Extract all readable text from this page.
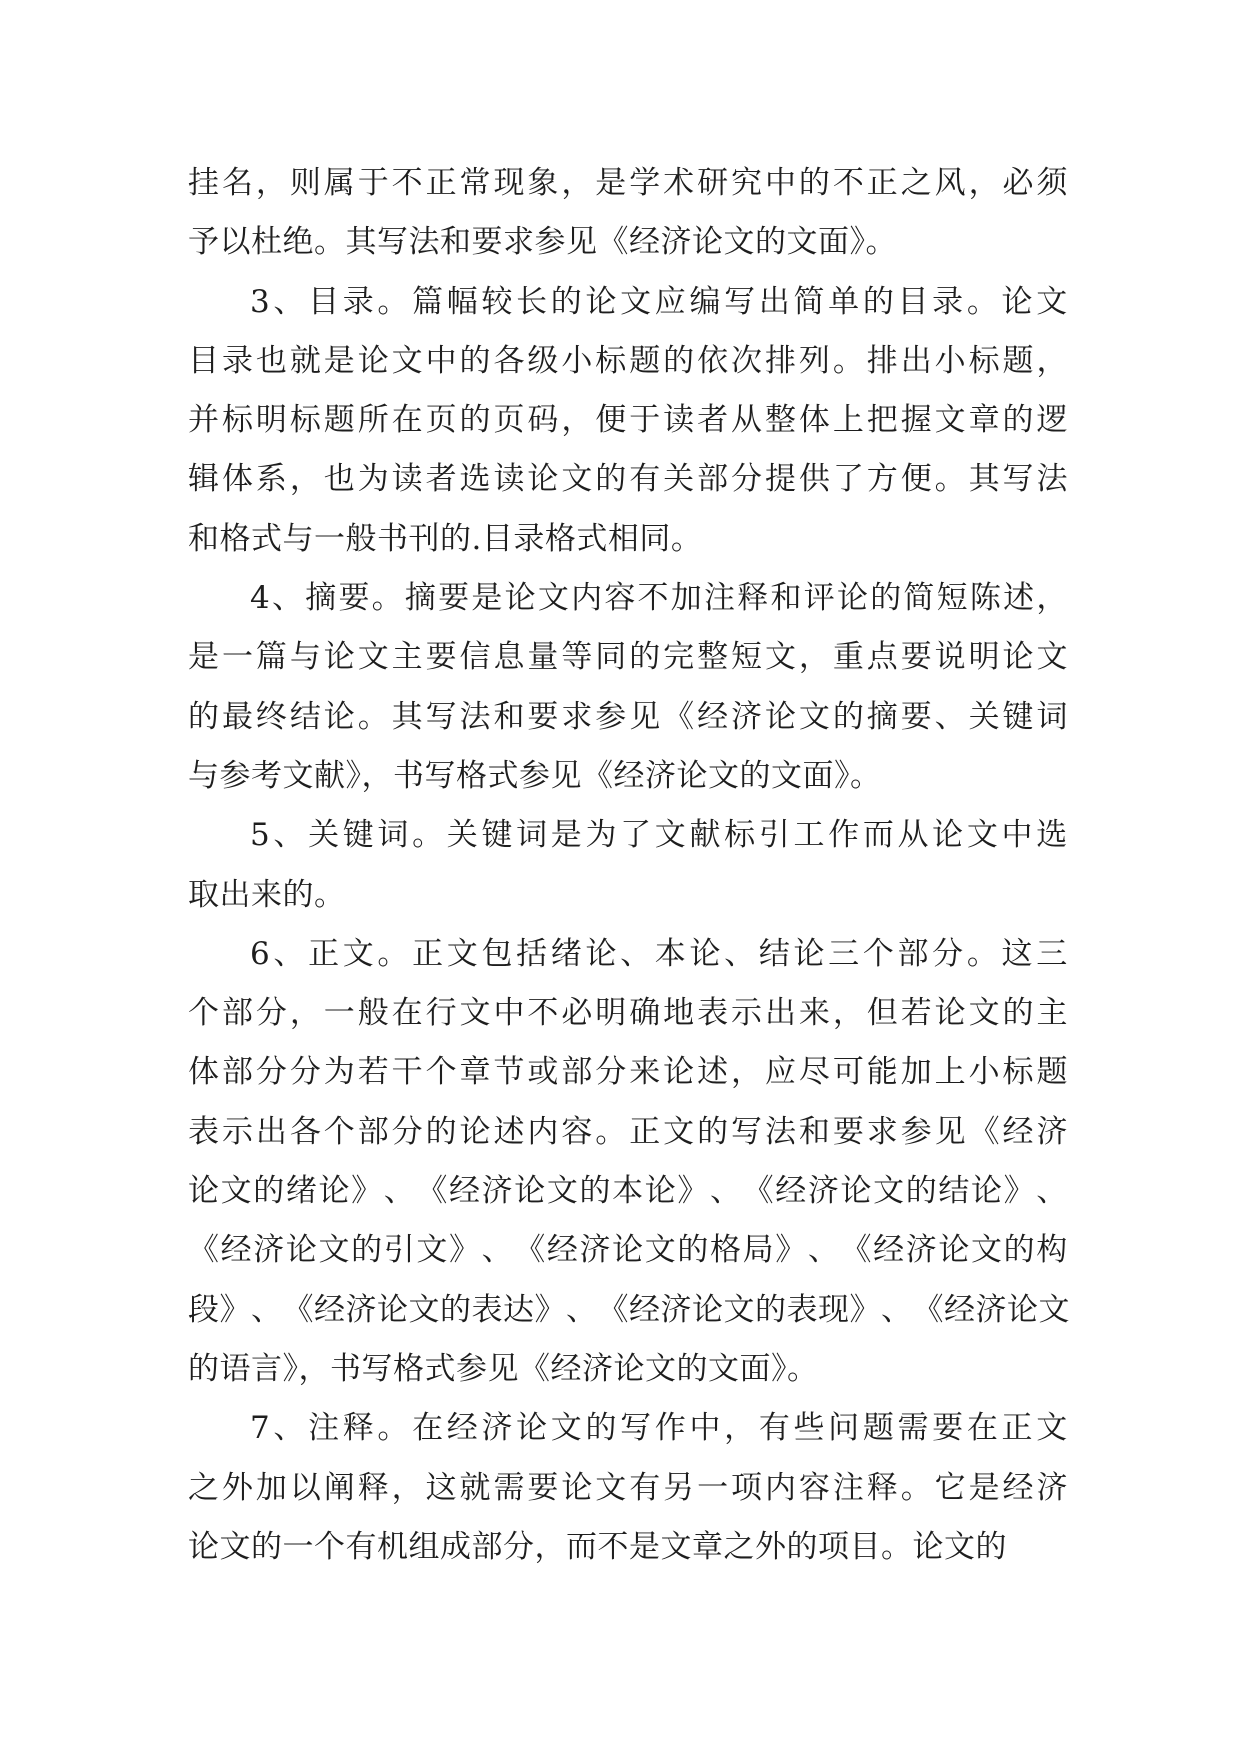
挂 名 ， 则 属 于 不 正 常 现 象 ， 是 学 术 研 究 中 的 不 正 之 风 ， 必 须
予以杜绝。其写法和要求参见《经济论文的文面》。
3 、 目 录 。 篇 幅 较 长 的 论 文 应 编 写 出 简 单 的 目 录 。 论 文
目 录 也 就 是 论 文 中 的 各 级 小 标 题 的 依 次 排 列 。 排 出 小 标 题 ，
并 标 明 标 题 所 在 页 的 页 码 ， 便 于 读 者 从 整 体 上 把 握 文 章 的 逻
辑 体 系 ， 也 为 读 者 选 读 论 文 的 有 关 部 分 提 供 了 方 便 。 其 写 法
和格式与一般书刊的.目录格式相同。
4 、 摘 要 。 摘 要 是 论 文 内 容 不 加 注 释 和 评 论 的 简 短 陈 述 ，
是 一 篇 与 论 文 主 要 信 息 量 等 同 的 完 整 短 文 ， 重 点 要 说 明 论 文
的 最 终 结 论 。 其 写 法 和 要 求 参 见 《 经 济 论 文 的 摘 要 、 关 键 词
与参考文献》，书写格式参见《经济论文的文面》。
5 、 关 键 词 。 关 键 词 是 为 了 文 献 标 引 工 作 而 从 论 文 中 选
取出来的。
6 、 正 文 。 正 文 包 括 绪 论 、 本 论 、 结 论 三 个 部 分 。 这 三
个 部 分 ， 一 般 在 行 文 中 不 必 明 确 地 表 示 出 来 ， 但 若 论 文 的 主
体 部 分 分 为 若 干 个 章 节 或 部 分 来 论 述 ， 应 尽 可 能 加 上 小 标 题
表 示 出 各 个 部 分 的 论 述 内 容 。 正 文 的 写 法 和 要 求 参 见 《 经 济
论 文 的 绪 论 》 、 《 经 济 论 文 的 本 论 》 、 《 经 济 论 文 的 结 论 》 、
《 经 济 论 文 的 引 文 》 、 《 经 济 论 文 的 格 局 》 、 《 经 济 论 文 的 构
段 》 、 《 经 济 论 文 的 表 达 》 、 《 经 济 论 文 的 表 现 》 、 《 经 济 论 文
的语言》，书写格式参见《经济论文的文面》。
7 、 注 释 。 在 经 济 论 文 的 写 作 中 ， 有 些 问 题 需 要 在 正 文
之 外 加 以 阐 释 ， 这 就 需 要 论 文 有 另 一 项 内 容 注 释 。 它 是 经 济
论文的一个有机组成部分，而不是文章之外的项目。论文的
